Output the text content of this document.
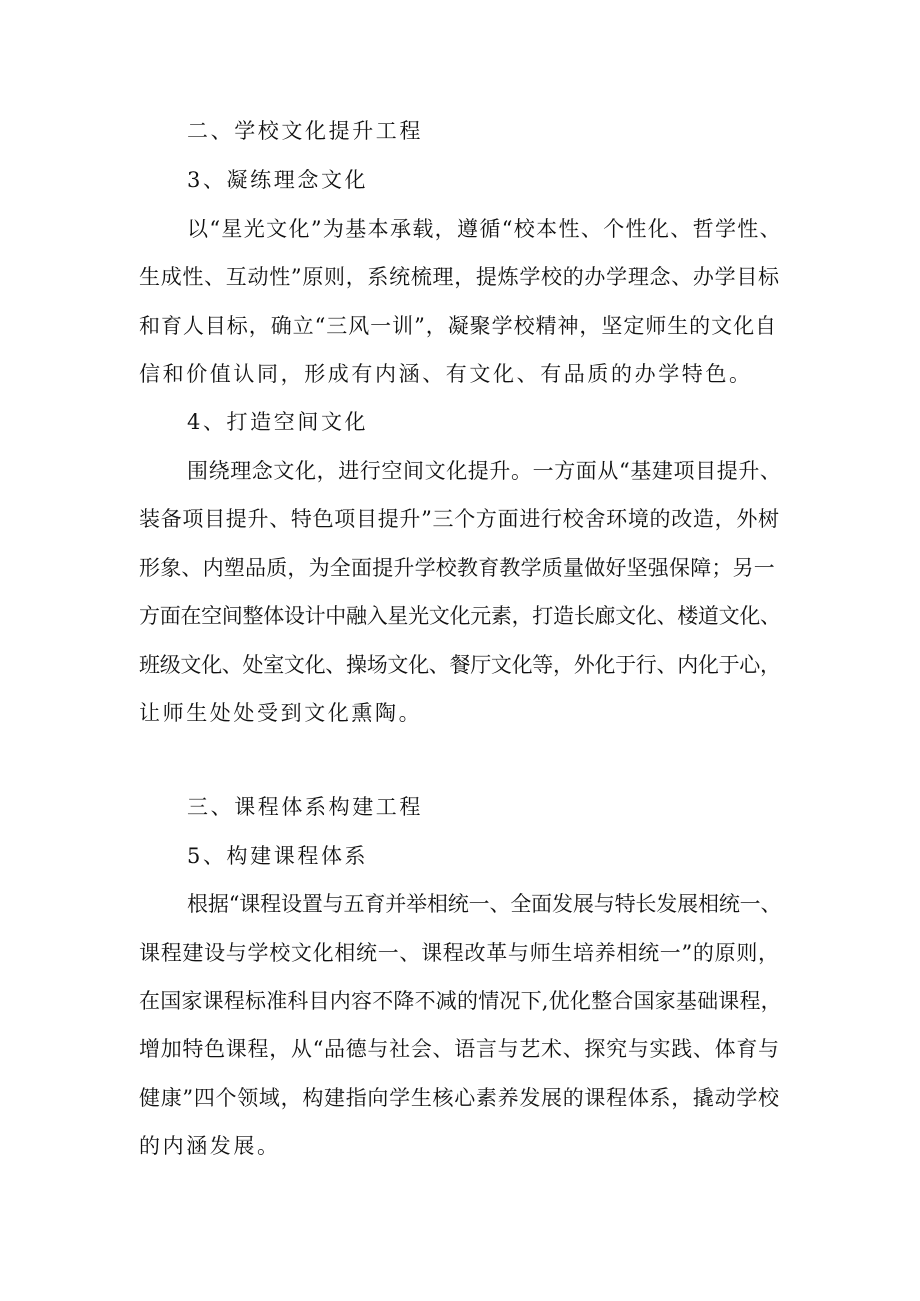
二、学校文化提升工程
3、凝练理念文化
以“星光文化”为基本承载，遵循“校本性、个性化、哲学性、
生成性、互动性”原则，系统梳理，提炼学校的办学理念、办学目标
和育人目标，确立“三风一训”，凝聚学校精神，坚定师生的文化自
信和价值认同，形成有内涵、有文化、有品质的办学特色。
4、打造空间文化
围绕理念文化，进行空间文化提升。一方面从“基建项目提升、
装备项目提升、特色项目提升”三个方面进行校舍环境的改造，外树
形象、内塑品质，为全面提升学校教育教学质量做好坚强保障；另一
方面在空间整体设计中融入星光文化元素，打造长廊文化、楼道文化、
班级文化、处室文化、操场文化、餐厅文化等，外化于行、内化于心，
让师生处处受到文化熏陶。
三、课程体系构建工程
5、构建课程体系
根据“课程设置与五育并举相统一、全面发展与特长发展相统一、
课程建设与学校文化相统一、课程改革与师生培养相统一”的原则，
在国家课程标准科目内容不降不减的情况下,优化整合国家基础课程，
增加特色课程，从“品德与社会、语言与艺术、探究与实践、体育与
健康”四个领域，构建指向学生核心素养发展的课程体系，撬动学校
的内涵发展。
